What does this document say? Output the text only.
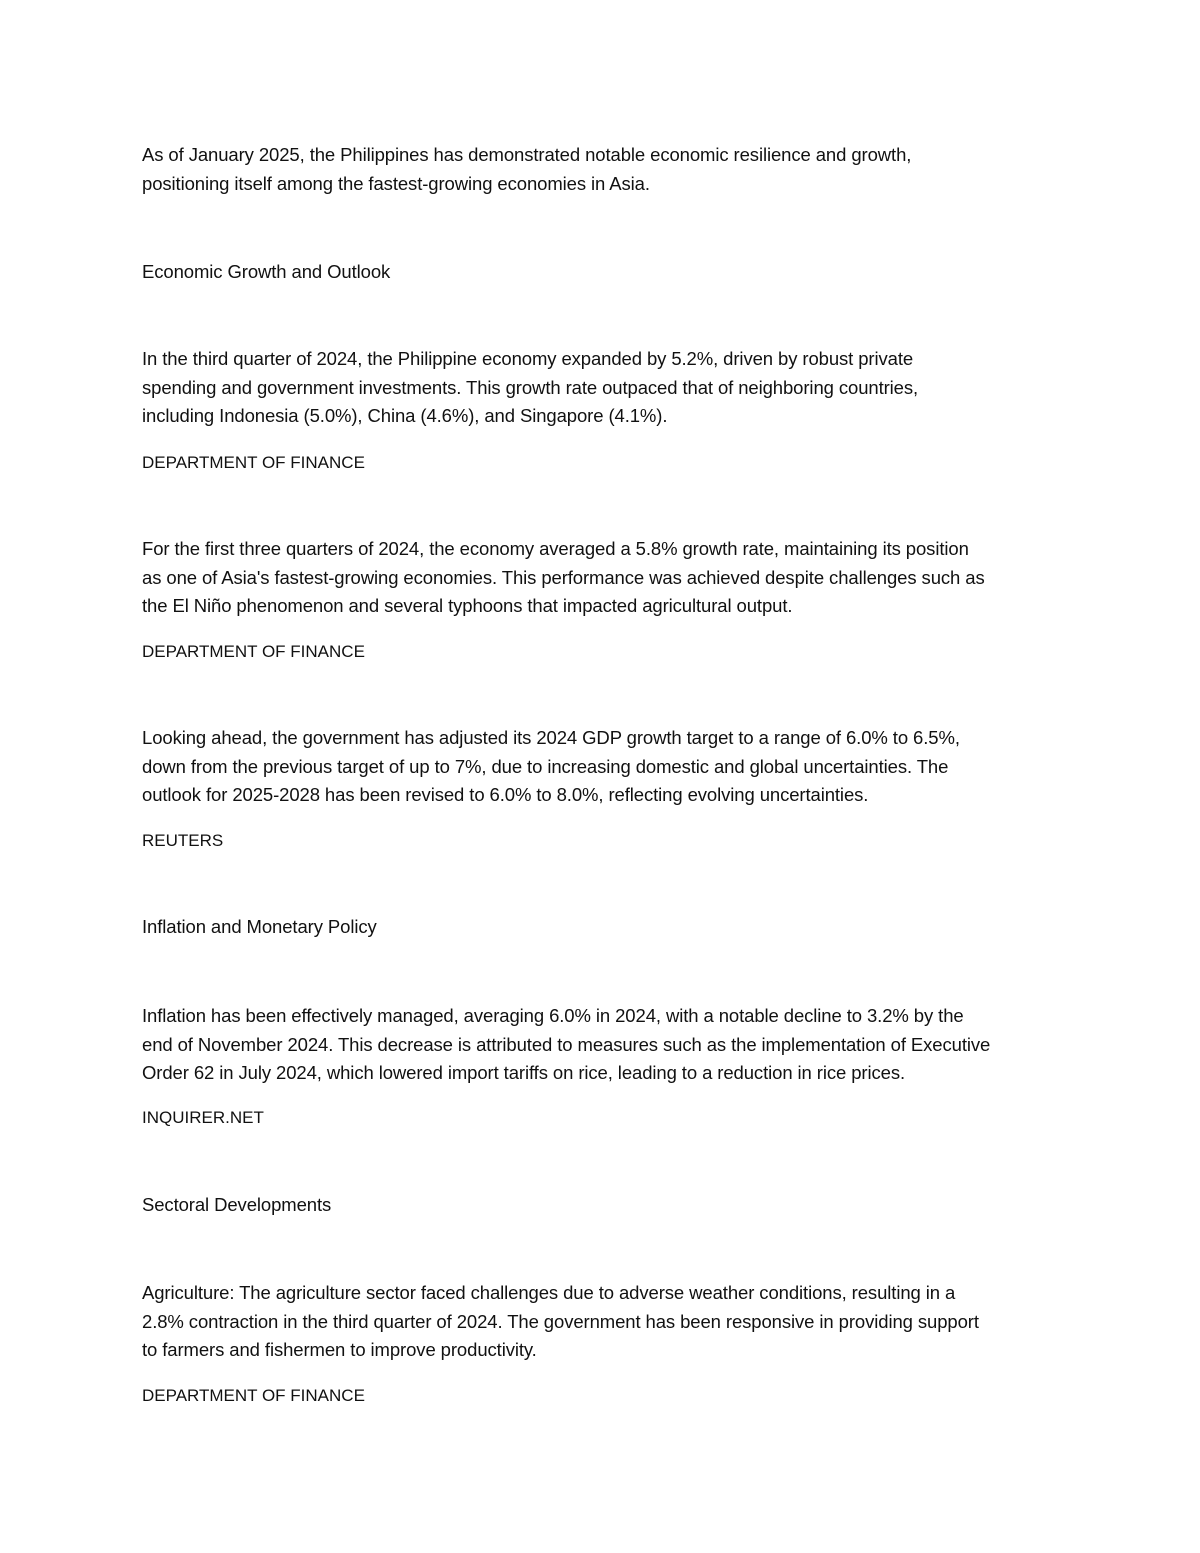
As of January 2025, the Philippines has demonstrated notable economic resilience and growth,
positioning itself among the fastest-growing economies in Asia.
Economic Growth and Outlook
In the third quarter of 2024, the Philippine economy expanded by 5.2%, driven by robust private
spending and government investments. This growth rate outpaced that of neighboring countries,
including Indonesia (5.0%), China (4.6%), and Singapore (4.1%).
DEPARTMENT OF FINANCE
For the first three quarters of 2024, the economy averaged a 5.8% growth rate, maintaining its position
as one of Asia's fastest-growing economies. This performance was achieved despite challenges such as
the El Niño phenomenon and several typhoons that impacted agricultural output.
DEPARTMENT OF FINANCE
Looking ahead, the government has adjusted its 2024 GDP growth target to a range of 6.0% to 6.5%,
down from the previous target of up to 7%, due to increasing domestic and global uncertainties. The
outlook for 2025-2028 has been revised to 6.0% to 8.0%, reflecting evolving uncertainties.
REUTERS
Inflation and Monetary Policy
Inflation has been effectively managed, averaging 6.0% in 2024, with a notable decline to 3.2% by the
end of November 2024. This decrease is attributed to measures such as the implementation of Executive
Order 62 in July 2024, which lowered import tariffs on rice, leading to a reduction in rice prices.
INQUIRER.NET
Sectoral Developments
Agriculture: The agriculture sector faced challenges due to adverse weather conditions, resulting in a
2.8% contraction in the third quarter of 2024. The government has been responsive in providing support
to farmers and fishermen to improve productivity.
DEPARTMENT OF FINANCE
